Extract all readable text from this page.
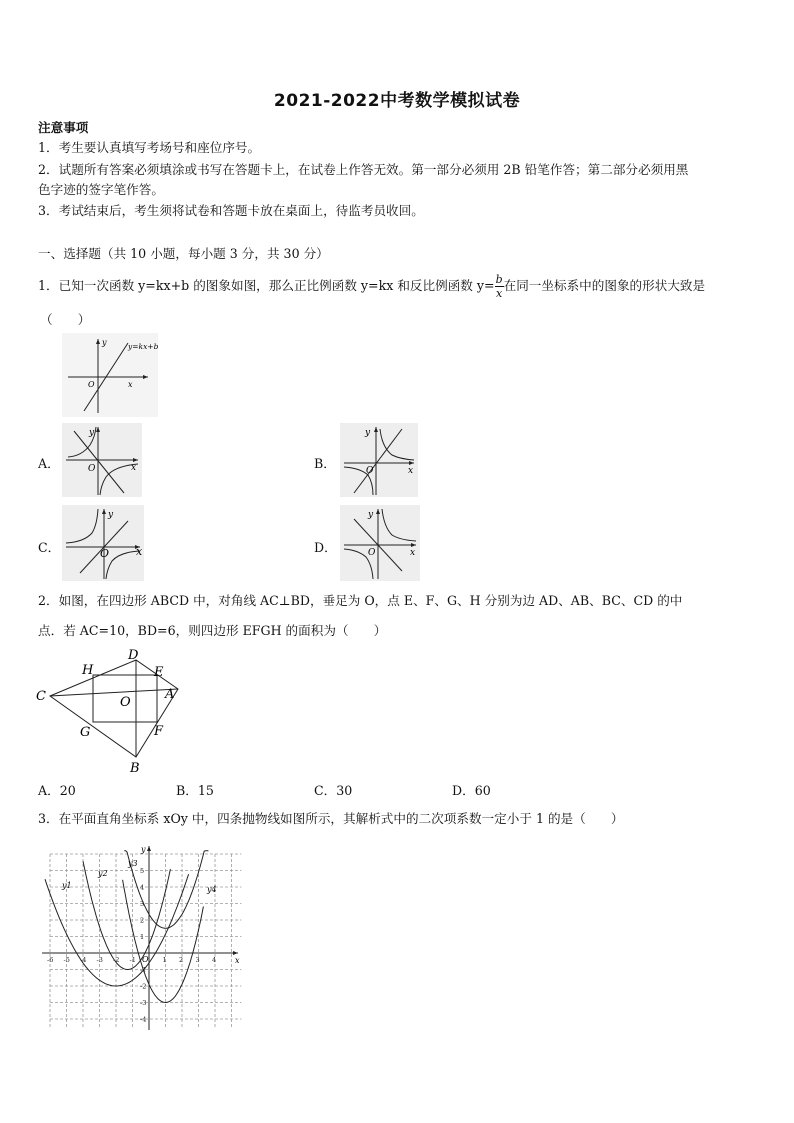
2021-2022中考数学模拟试卷
注意事项
1．考生要认真填写考场号和座位序号。
2．试题所有答案必须填涂或书写在答题卡上，在试卷上作答无效。第一部分必须用 2B 铅笔作答；第二部分必须用黑
色字迹的签字笔作答。
3．考试结束后，考生须将试卷和答题卡放在桌面上，待监考员收回。
一、选择题（共 10 小题，每小题 3 分，共 30 分）
1．已知一次函数 y=kx+b 的图象如图，那么正比例函数 y=kx 和反比例函数 $y= \frac{b}{x}$ 在同一坐标系中的图象的形状大致是
（　　）
y=kx+b
x
y
O
A．
y
x
O	B．
y
x
O
C．
y
x
O	D．
y
x
O
2．如图，在四边形 ABCD 中，对角线 AC⊥BD，垂足为 O，点 E、F、G、H 分别为边 AD、AB、BC、CD 的中
点．若 AC=10，BD=6，则四边形 EFGH 的面积为（　　）
A
B
C
D
E
F
G
H
O
A．20	B．15	C．30	D．60
3．在平面直角坐标系 xOy 中，四条抛物线如图所示，其解析式中的二次项系数一定小于 1 的是（　　）
-6 -5 -4 -3 -2 -1	1 2 3 4
5
4
3
2
1
-1
-2
-3
-4
x
y
O
y1
y2
y3
y4
